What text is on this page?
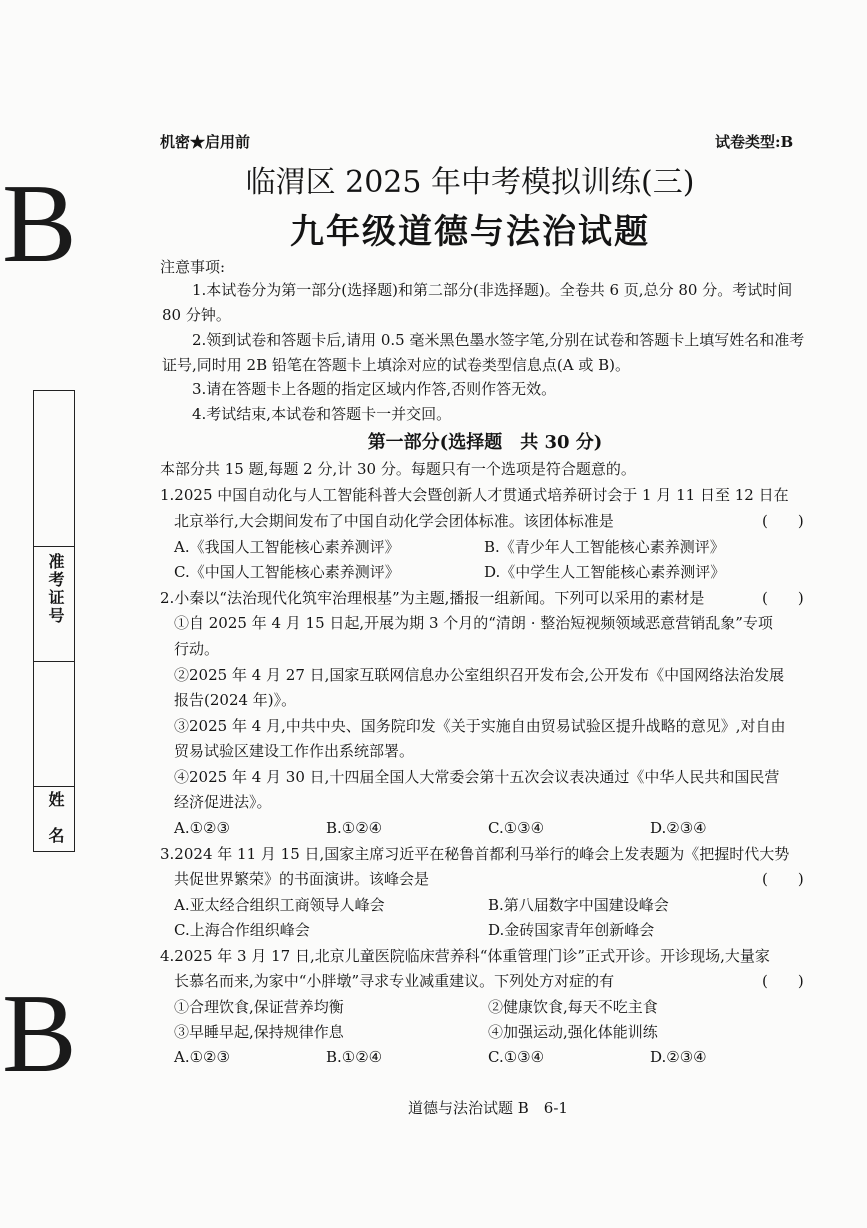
机密★启用前	试卷类型:B
B
B
准考证号
姓　名
临渭区 2025 年中考模拟训练(三)
九年级道德与法治试题
注意事项:
1.本试卷分为第一部分(选择题)和第二部分(非选择题)。全卷共 6 页,总分 80 分。考试时间 80 分钟。
2.领到试卷和答题卡后,请用 0.5 毫米黑色墨水签字笔,分别在试卷和答题卡上填写姓名和准考证号,同时用 2B 铅笔在答题卡上填涂对应的试卷类型信息点(A 或 B)。
3.请在答题卡上各题的指定区域内作答,否则作答无效。
4.考试结束,本试卷和答题卡一并交回。
第一部分(选择题　共 30 分)
本部分共 15 题,每题 2 分,计 30 分。每题只有一个选项是符合题意的。
1.2025 中国自动化与人工智能科普大会暨创新人才贯通式培养研讨会于 1 月 11 日至 12 日在
北京举行,大会期间发布了中国自动化学会团体标准。该团体标准是	(　　)
A.《我国人工智能核心素养测评》	B.《青少年人工智能核心素养测评》
C.《中国人工智能核心素养测评》	D.《中学生人工智能核心素养测评》
2.小秦以“法治现代化筑牢治理根基”为主题,播报一组新闻。下列可以采用的素材是	(　　)
①自 2025 年 4 月 15 日起,开展为期 3 个月的“清朗 · 整治短视频领域恶意营销乱象”专项
行动。
②2025 年 4 月 27 日,国家互联网信息办公室组织召开发布会,公开发布《中国网络法治发展
报告(2024 年)》。
③2025 年 4 月,中共中央、国务院印发《关于实施自由贸易试验区提升战略的意见》,对自由
贸易试验区建设工作作出系统部署。
④2025 年 4 月 30 日,十四届全国人大常委会第十五次会议表决通过《中华人民共和国民营
经济促进法》。
A.①②③	B.①②④	C.①③④	D.②③④
3.2024 年 11 月 15 日,国家主席习近平在秘鲁首都利马举行的峰会上发表题为《把握时代大势
共促世界繁荣》的书面演讲。该峰会是	(　　)
A.亚太经合组织工商领导人峰会	B.第八届数字中国建设峰会
C.上海合作组织峰会	D.金砖国家青年创新峰会
4.2025 年 3 月 17 日,北京儿童医院临床营养科“体重管理门诊”正式开诊。开诊现场,大量家
长慕名而来,为家中“小胖墩”寻求专业减重建议。下列处方对症的有	(　　)
①合理饮食,保证营养均衡	②健康饮食,每天不吃主食
③早睡早起,保持规律作息	④加强运动,强化体能训练
A.①②③	B.①②④	C.①③④	D.②③④
道德与法治试题 B　6-1
